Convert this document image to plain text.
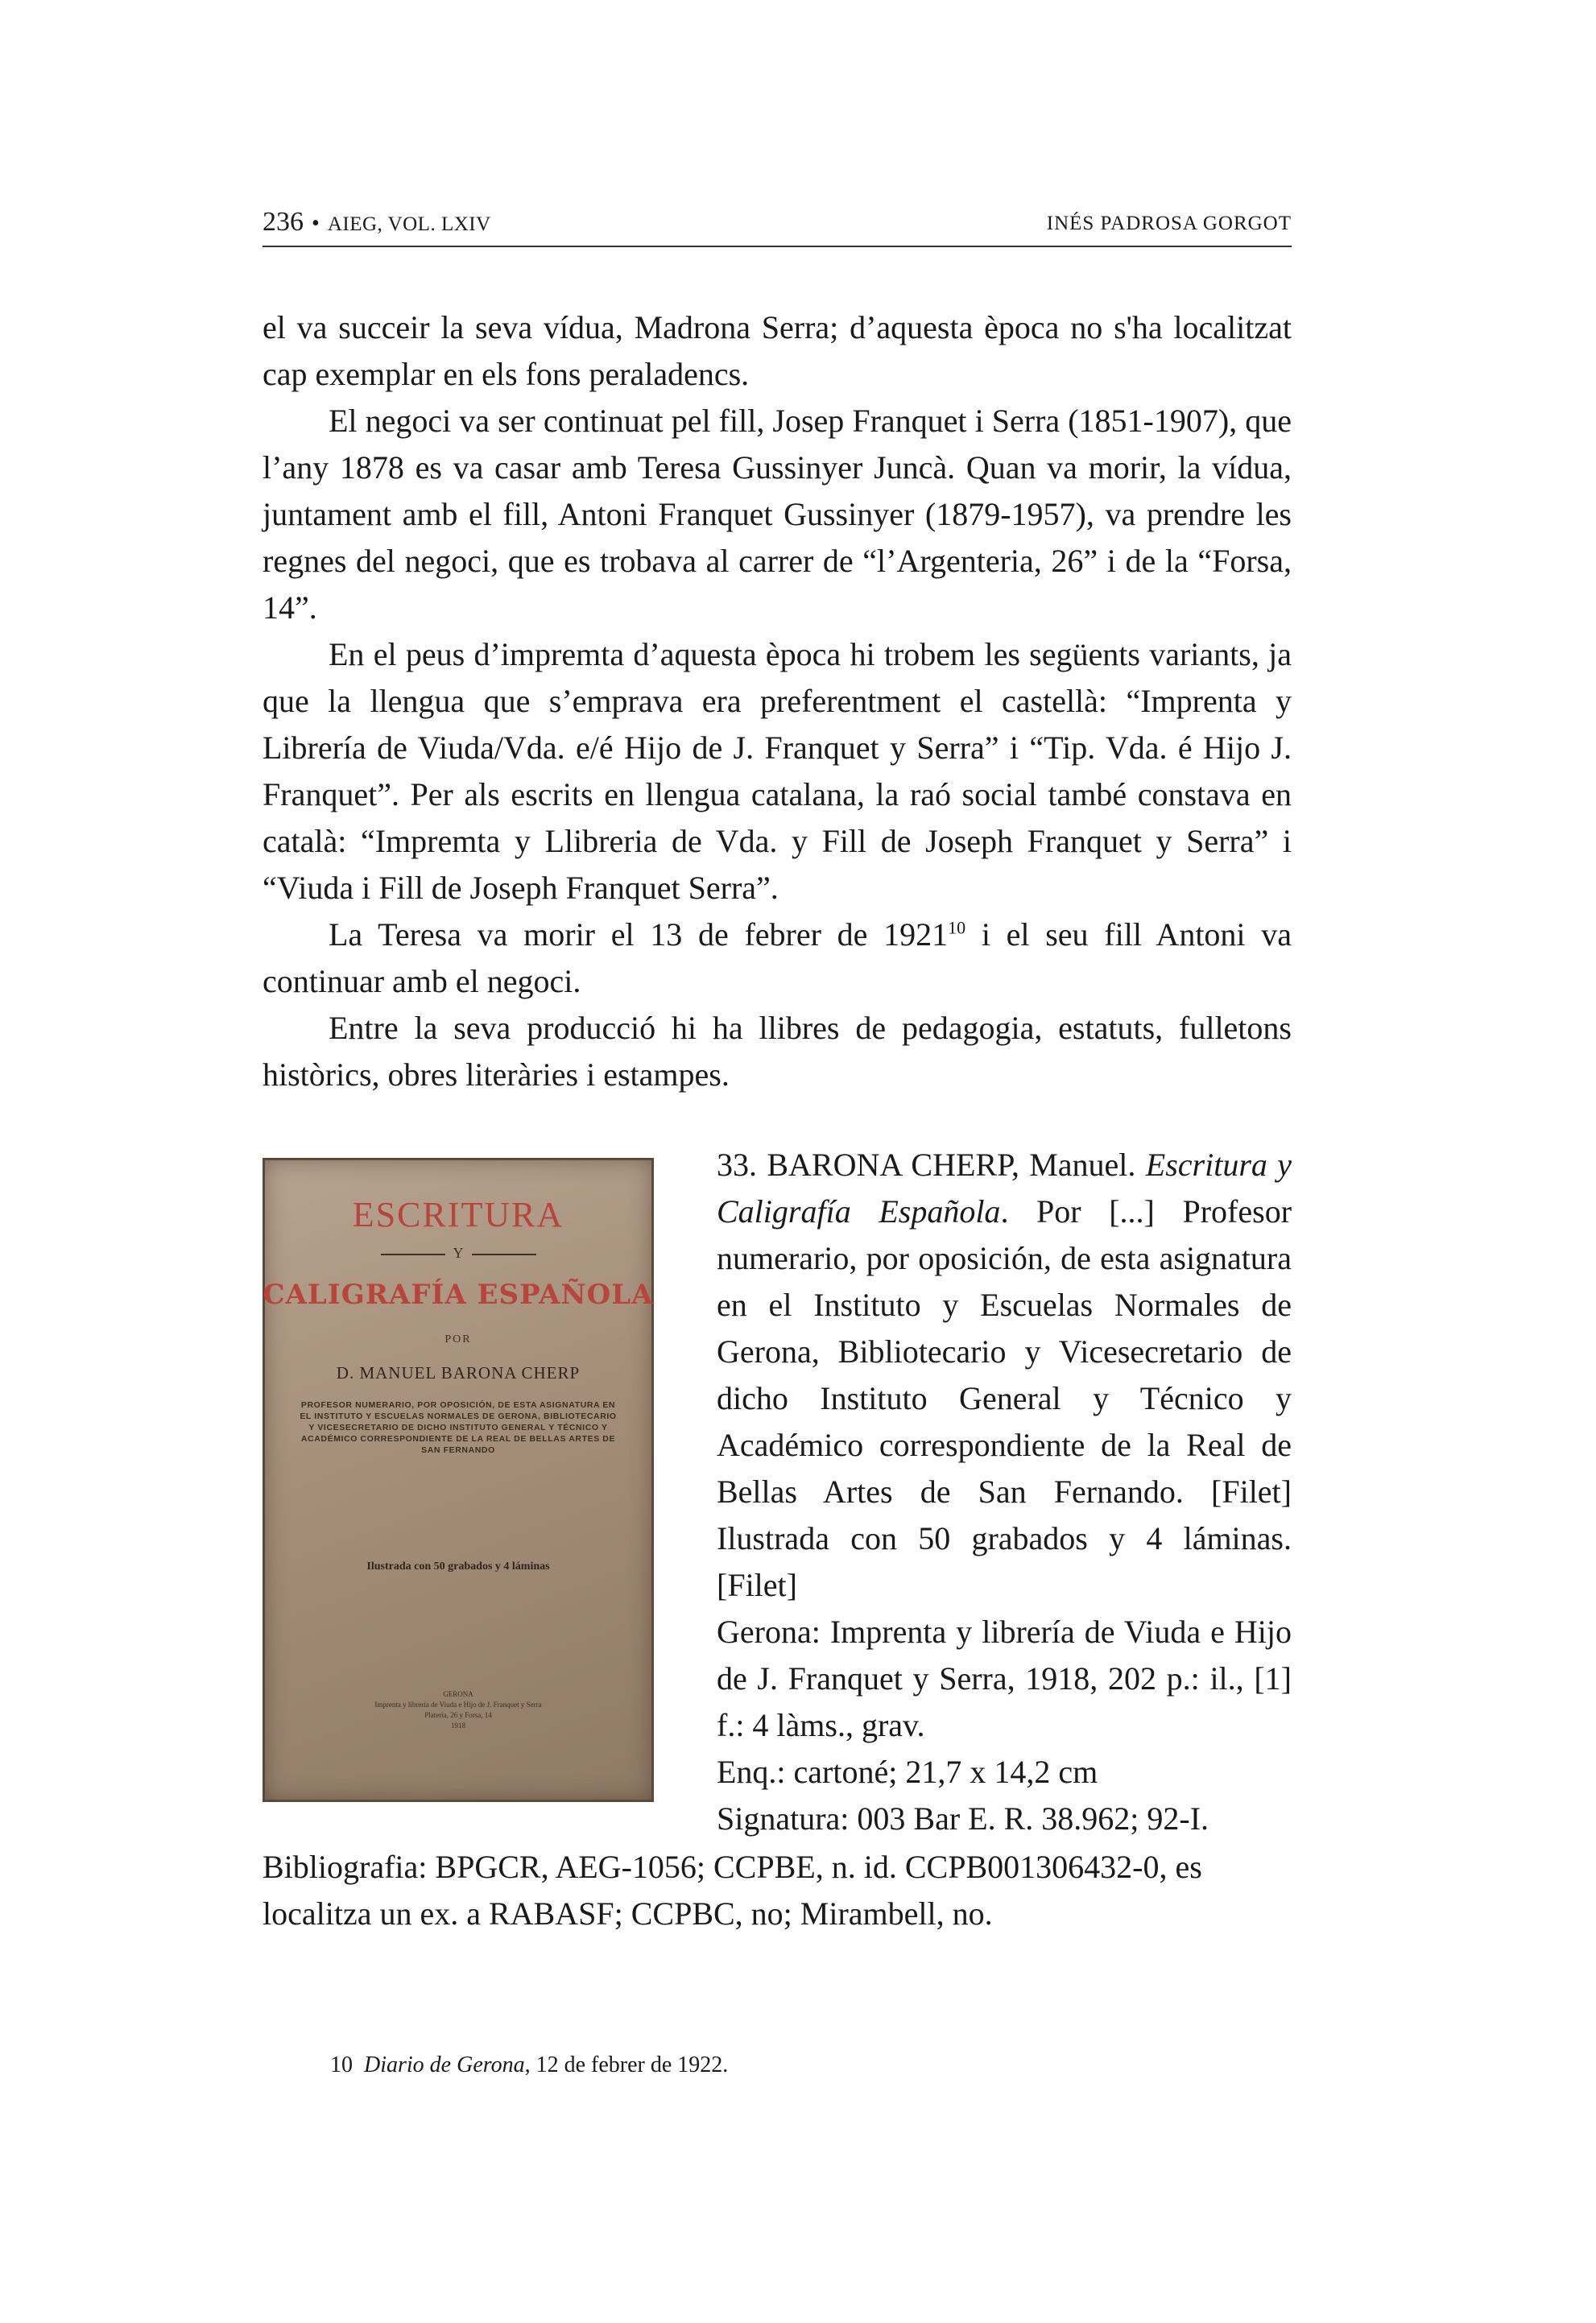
236 • AIEG, VOL. LXIV	INÉS PADROSA GORGOT

el va succeir la seva vídua, Madrona Serra; d’aquesta època no s'ha localitzat cap exemplar en els fons peraladencs.

El negoci va ser continuat pel fill, Josep Franquet i Serra (1851-1907), que l’any 1878 es va casar amb Teresa Gussinyer Juncà. Quan va morir, la vídua, juntament amb el fill, Antoni Franquet Gussinyer (1879-1957), va prendre les regnes del negoci, que es trobava al carrer de “l’Argenteria, 26” i de la “Forsa, 14”.

En el peus d’impremta d’aquesta època hi trobem les següents variants, ja que la llengua que s’emprava era preferentment el castellà: “Imprenta y Librería de Viuda/Vda. e/é Hijo de J. Franquet y Serra” i “Tip. Vda. é Hijo J. Franquet”. Per als escrits en llengua catalana, la raó social també constava en català: “Impremta y Llibreria de Vda. y Fill de Joseph Franquet y Serra” i “Viuda i Fill de Joseph Franquet Serra”.

La Teresa va morir el 13 de febrer de 1921$^{10}$ i el seu fill Antoni va continuar amb el negoci.

Entre la seva producció hi ha llibres de pedagogia, estatuts, fulletons històrics, obres literàries i estampes.

ESCRITURA
Y
CALIGRAFÍA ESPAÑOLA
POR
D. MANUEL BARONA CHERP
PROFESOR NUMERARIO, POR OPOSICIÓN, DE ESTA ASIGNATURA EN EL INSTITUTO Y ESCUELAS NORMALES DE GERONA, BIBLIOTECARIO Y VICESECRETARIO DE DICHO INSTITUTO GENERAL Y TÉCNICO Y ACADÉMICO CORRESPONDIENTE DE LA REAL DE BELLAS ARTES DE SAN FERNANDO
Ilustrada con 50 grabados y 4 láminas
GERONA
Imprenta y librería de Viuda e Hijo de J. Franquet y Serra
Platería, 26 y Forsa, 14
1918

33. BARONA CHERP, Manuel. Escritura y Caligrafía Española. Por [...] Profesor numerario, por oposición, de esta asignatura en el Instituto y Escuelas Normales de Gerona, Bibliotecario y Vicesecretario de dicho Instituto General y Técnico y Académico correspondiente de la Real de Bellas Artes de San Fernando. [Filet] Ilustrada con 50 grabados y 4 láminas. [Filet]

Gerona: Imprenta y librería de Viuda e Hijo de J. Franquet y Serra, 1918, 202 p.: il., [1] f.: 4 làms., grav.

Enq.: cartoné; 21,7 x 14,2 cm

Signatura: 003 Bar E. R. 38.962; 92-I.

Bibliografia: BPGCR, AEG-1056; CCPBE, n. id. CCPB001306432-0, es localitza un ex. a RABASF; CCPBC, no; Mirambell, no.

10 Diario de Gerona, 12 de febrer de 1922.
